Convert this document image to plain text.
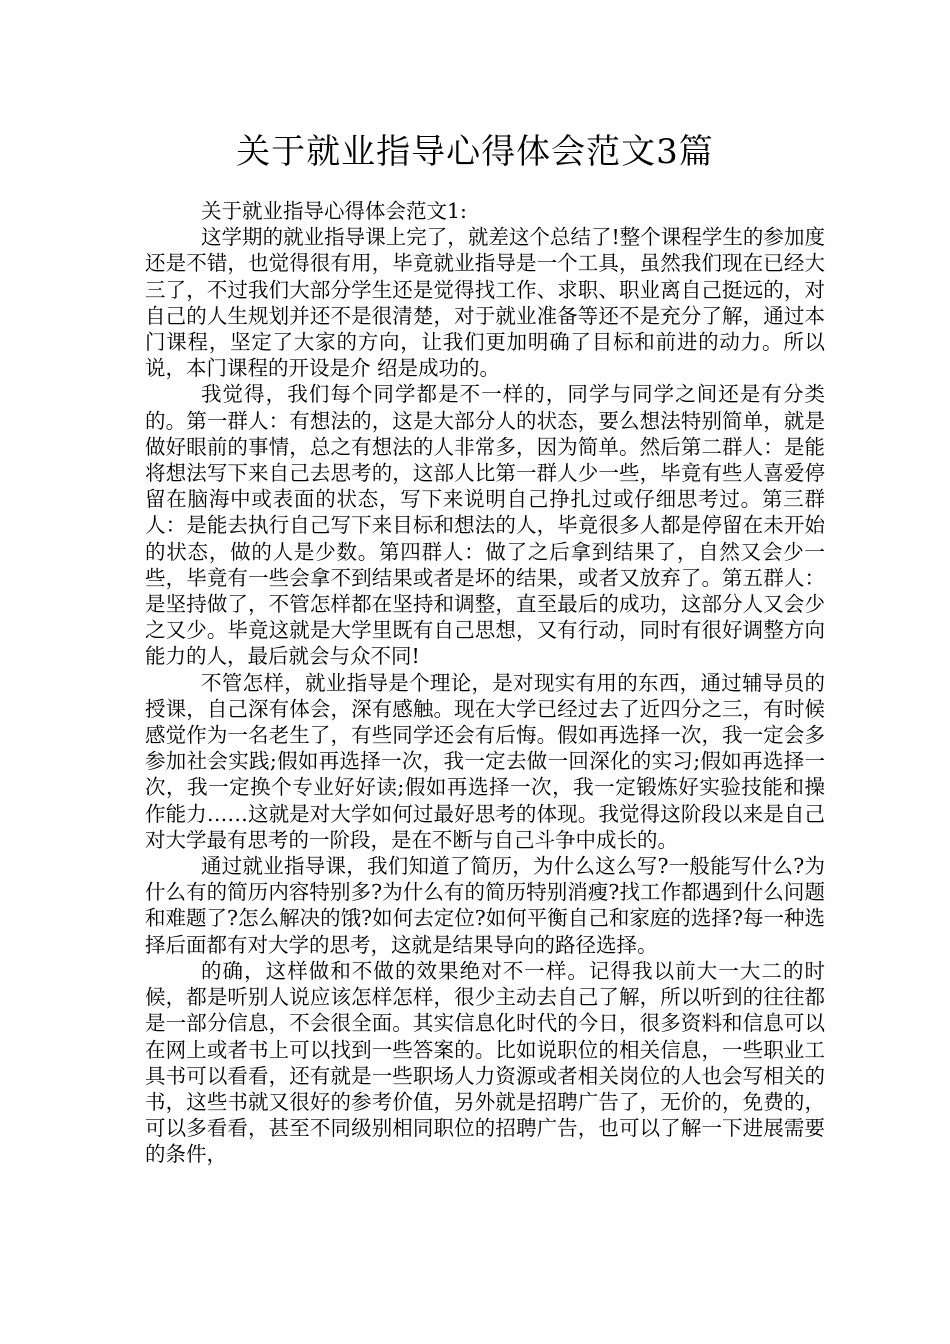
关于就业指导心得体会范文3篇

关于就业指导心得体会范文1:

这学期的就业指导课上完了，就差这个总结了!整个课程学生的参加度还是不错，也觉得很有用，毕竟就业指导是一个工具，虽然我们现在已经大三了，不过我们大部分学生还是觉得找工作、求职、职业离自己挺远的，对自己的人生规划并还不是很清楚，对于就业准备等还不是充分了解，通过本门课程，坚定了大家的方向，让我们更加明确了目标和前进的动力。所以说，本门课程的开设是介 绍是成功的。

我觉得，我们每个同学都是不一样的，同学与同学之间还是有分类的。第一群人：有想法的，这是大部分人的状态，要么想法特别简单，就是做好眼前的事情，总之有想法的人非常多，因为简单。然后第二群人：是能将想法写下来自己去思考的，这部人比第一群人少一些，毕竟有些人喜爱停留在脑海中或表面的状态，写下来说明自己挣扎过或仔细思考过。第三群人：是能去执行自己写下来目标和想法的人，毕竟很多人都是停留在未开始的状态，做的人是少数。第四群人：做了之后拿到结果了，自然又会少一些，毕竟有一些会拿不到结果或者是坏的结果，或者又放弃了。第五群人：是坚持做了，不管怎样都在坚持和调整，直至最后的成功，这部分人又会少之又少。毕竟这就是大学里既有自己思想，又有行动，同时有很好调整方向能力的人，最后就会与众不同!

不管怎样，就业指导是个理论，是对现实有用的东西，通过辅导员的授课，自己深有体会，深有感触。现在大学已经过去了近四分之三，有时候感觉作为一名老生了，有些同学还会有后悔。假如再选择一次，我一定会多参加社会实践;假如再选择一次，我一定去做一回深化的实习;假如再选择一次，我一定换个专业好好读;假如再选择一次，我一定锻炼好实验技能和操作能力……这就是对大学如何过最好思考的体现。我觉得这阶段以来是自己对大学最有思考的一阶段，是在不断与自己斗争中成长的。

通过就业指导课，我们知道了简历，为什么这么写?一般能写什么?为什么有的简历内容特别多?为什么有的简历特别消瘦?找工作都遇到什么问题和难题了?怎么解决的饿?如何去定位?如何平衡自己和家庭的选择?每一种选择后面都有对大学的思考，这就是结果导向的路径选择。

的确，这样做和不做的效果绝对不一样。记得我以前大一大二的时候，都是听别人说应该怎样怎样，很少主动去自己了解，所以听到的往往都是一部分信息，不会很全面。其实信息化时代的今日，很多资料和信息可以在网上或者书上可以找到一些答案的。比如说职位的相关信息，一些职业工具书可以看看，还有就是一些职场人力资源或者相关岗位的人也会写相关的书，这些书就又很好的参考价值，另外就是招聘广告了，无价的，免费的，可以多看看，甚至不同级别相同职位的招聘广告，也可以了解一下进展需要的条件，
